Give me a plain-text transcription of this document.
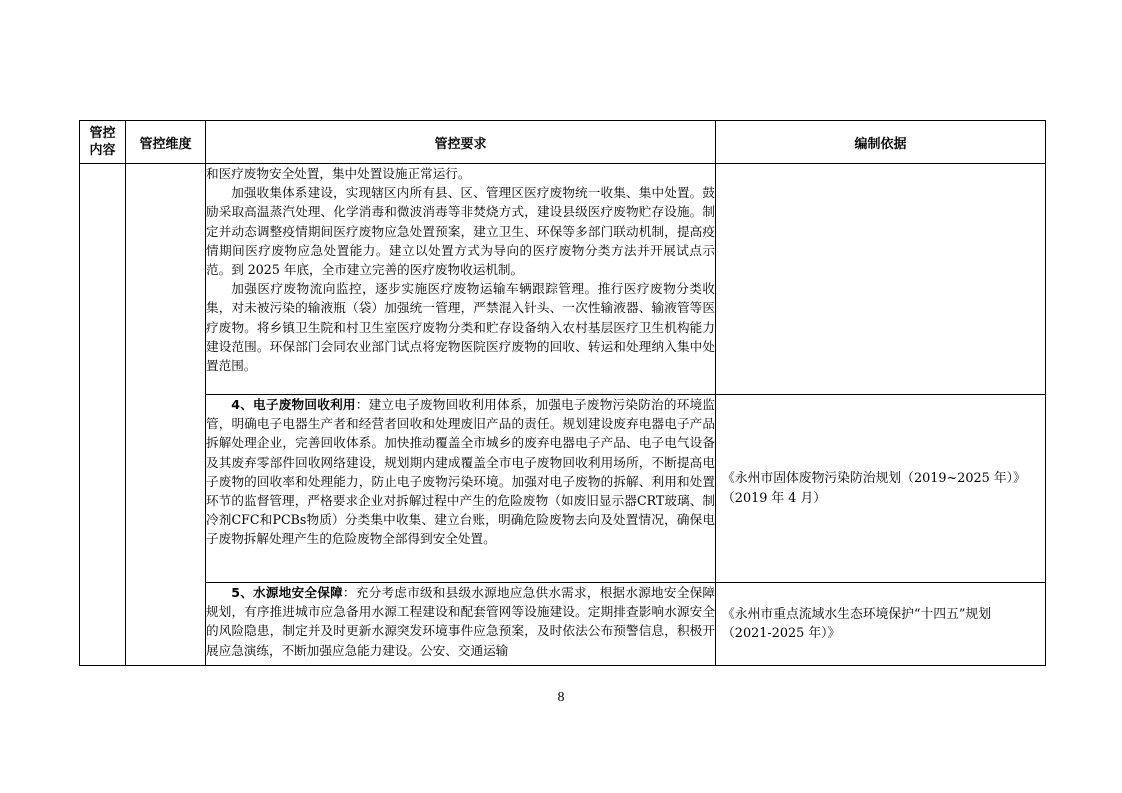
管控
内容	管控维度	管控要求	编制依据

		和医疗废物安全处置，集中处置设施正常运行。

加强收集体系建设，实现辖区内所有县、区、管理区医疗废物统一收集、集中处置。鼓励采取高温蒸汽处理、化学消毒和微波消毒等非焚烧方式，建设县级医疗废物贮存设施。制定并动态调整疫情期间医疗废物应急处置预案，建立卫生、环保等多部门联动机制，提高疫情期间医疗废物应急处置能力。建立以处置方式为导向的医疗废物分类方法并开展试点示范。到 2025 年底，全市建立完善的医疗废物收运机制。

加强医疗废物流向监控，逐步实施医疗废物运输车辆跟踪管理。推行医疗废物分类收集，对未被污染的输液瓶（袋）加强统一管理，严禁混入针头、一次性输液器、输液管等医疗废物。将乡镇卫生院和村卫生室医疗废物分类和贮存设备纳入农村基层医疗卫生机构能力建设范围。环保部门会同农业部门试点将宠物医院医疗废物的回收、转运和处理纳入集中处置范围。	

		4、电子废物回收利用：建立电子废物回收利用体系，加强电子废物污染防治的环境监管，明确电子电器生产者和经营者回收和处理废旧产品的责任。规划建设废弃电器电子产品拆解处理企业，完善回收体系。加快推动覆盖全市城乡的废弃电器电子产品、电子电气设备及其废弃零部件回收网络建设，规划期内建成覆盖全市电子废物回收利用场所，不断提高电子废物的回收率和处理能力，防止电子废物污染环境。加强对电子废物的拆解、利用和处置环节的监督管理，严格要求企业对拆解过程中产生的危险废物（如废旧显示器CRT玻璃、制冷剂CFC和PCBs物质）分类集中收集、建立台账，明确危险废物去向及处置情况，确保电子废物拆解处理产生的危险废物全部得到安全处置。	《永州市固体废物污染防治规划（2019~2025 年）》
（2019 年 4 月）

		5、水源地安全保障：充分考虑市级和县级水源地应急供水需求，根据水源地安全保障规划，有序推进城市应急备用水源工程建设和配套管网等设施建设。定期排查影响水源安全的风险隐患，制定并及时更新水源突发环境事件应急预案，及时依法公布预警信息，积极开展应急演练，不断加强应急能力建设。公安、交通运输	《永州市重点流域水生态环境保护“十四五”规划
（2021-2025 年）》
8
